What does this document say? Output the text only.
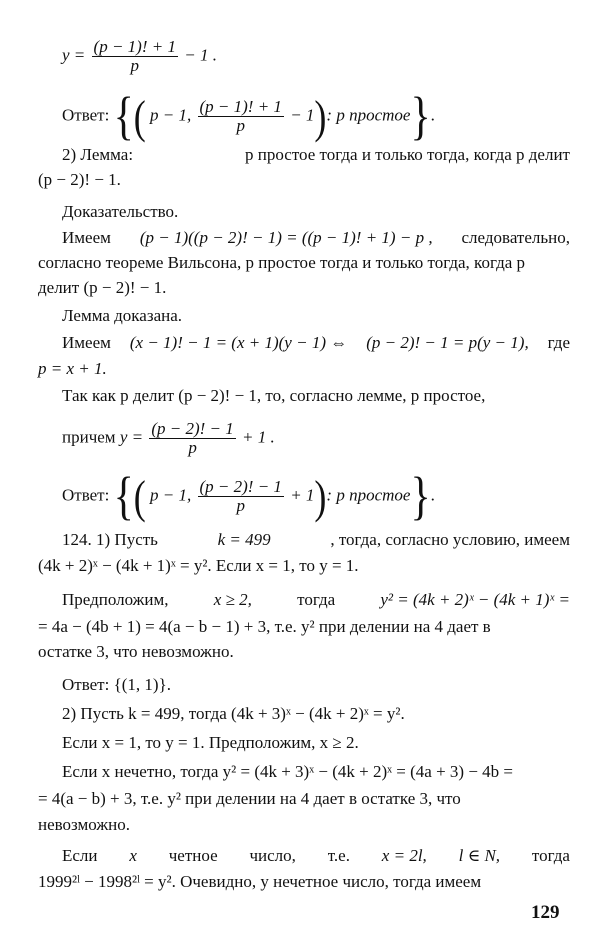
$y = \frac{(p - 1)! + 1}{p} - 1$ .
Ответ: {( p − 1, $\frac{(p - 1)! + 1}{p} - 1$): p простое}.
2) Лемма:	p простое тогда и только тогда, когда p делит
(p − 2)! − 1.
Доказательство.
Имеем (p − 1)((p − 2)! − 1) = ((p − 1)! + 1) − p , следовательно,
согласно теореме Вильсона, p простое тогда и только тогда, когда p
делит (p − 2)! − 1.
Лемма доказана.
Имеем (x − 1)! − 1 = (x + 1)(y − 1) ⇔ (p − 2)! − 1 = p(y − 1), где
p = x + 1.
Так как p делит (p − 2)! − 1, то, согласно лемме, p простое,
причем $y = \frac{(p - 2)! - 1}{p} + 1$ .
Ответ: {( p − 1, $\frac{(p - 2)! - 1}{p} + 1$): p простое}.
124. 1) Пусть	k = 499	, тогда, согласно условию, имеем
(4k + 2)ˣ − (4k + 1)ˣ = y². Если x = 1, то y = 1.
Предположим,	x ≥ 2,	тогда	y² = (4k + 2)ˣ − (4k + 1)ˣ =
= 4a − (4b + 1) = 4(a − b − 1) + 3, т.е. y² при делении на 4 дает в
остатке 3, что невозможно.
Ответ: {(1, 1)}.
2) Пусть k = 499, тогда (4k + 3)ˣ − (4k + 2)ˣ = y².
Если x = 1, то y = 1. Предположим, x ≥ 2.
Если x нечетно, тогда y² = (4k + 3)ˣ − (4k + 2)ˣ = (4a + 3) − 4b =
= 4(a − b) + 3, т.е. y² при делении на 4 дает в остатке 3, что
невозможно.
Если x четное число, т.е. x = 2l, l ∈ N, тогда
1999²ˡ − 1998²ˡ = y². Очевидно, y нечетное число, тогда имеем
129
